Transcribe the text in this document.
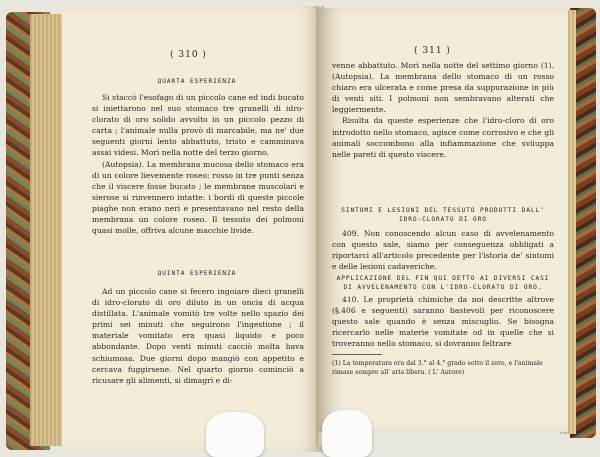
( 310 )
QUARTA ESPERIENZA

Si staccò l'esofago di un piccolo cane ed indi bucato si iniettarono nel suo stomaco tre granelli di idro-clorato di oro solido avvolto in un piccolo pezzo di carta ; l'animale nulla provò di marcabile, ma ne' due seguenti giorni lento abbattuto, tristo e camminava assai videsi. Morì nella notte del terzo giorno.

(Autopsia). La membrana mucosa dello stomaco era di un colore lievemente roseo; rosso in tre punti senza che il viscere fosse bucato ; le membrane muscolari e sierose si rinvennero intatte: i bordi di queste piccole piaghe non erano neri e presentavano nel resto della membrana un colore roseo. Il tessuto dei polmoni quasi molle, offriva alcune macchie livide.

QUINTA ESPERIENZA

Ad un piccolo cane si fecero ingoiare dieci granelli di idro-clorato di oro diluto in un oncia di acqua distillata. L'animale vomitò tre volte nello spazio dei primi sei minuti che seguirono l'ingestione ; il materiale vomitato era quasi liquido e poco abbondante. Dopo venti minuti cacciò molta bava schiumosa. Due giorni dopo mangiò con appetito e cercava fuggirsene. Nel quarto giorno cominciò a ricusare gli alimenti, si dimagrì e di-

( 311 )

venne abbattuto. Morì nella notte del settimo giorno (1). (Autopsia). La membrana dello stomaco di un rosso chiaro era ulcerata e come presa da suppurazione in più di venti siti. I polmoni non sembravano alterati che leggiermente.

Risulta da queste esperienze che l'idro-cloro di oro introdotto nello stomaco, agisce come corrosivo e che gli animali soccombono alla infiammazione che sviluppa nelle pareti di questo viscere.

SINTOMI E LESIONI DEL TESSUTO PRODOTTI DALL' IDRO-CLORATO DI ORO

409. Non conoscendo alcun caso di avvelenamento con questo sale, siamo per conseguenza obbligati a riportarci all'articolo precedente per l'istoria de' sintomi e delle lesioni cadaveriche.

APPLICAZIONE DEL FIN QUI DETTO AI DIVERSI CASI DI AVVELENAMENTO CON L'IDRO-CLORATO DI ORO.

410. Le proprietà chimiche da noi descritte altrove (§.406 e seguenti) saranno bastevoli per riconoscere questo sale quando è senza miscuglio. Se bisogna ricercarlo nelle materie vomitate od in quelle che si troveranno nello stomaco, si dovranno feltrare

(1) La temperatura era dal 3.° al 4.° grado sotto il zero, e l'animale rimase sempre all' aria libera. ( L' Autore)
